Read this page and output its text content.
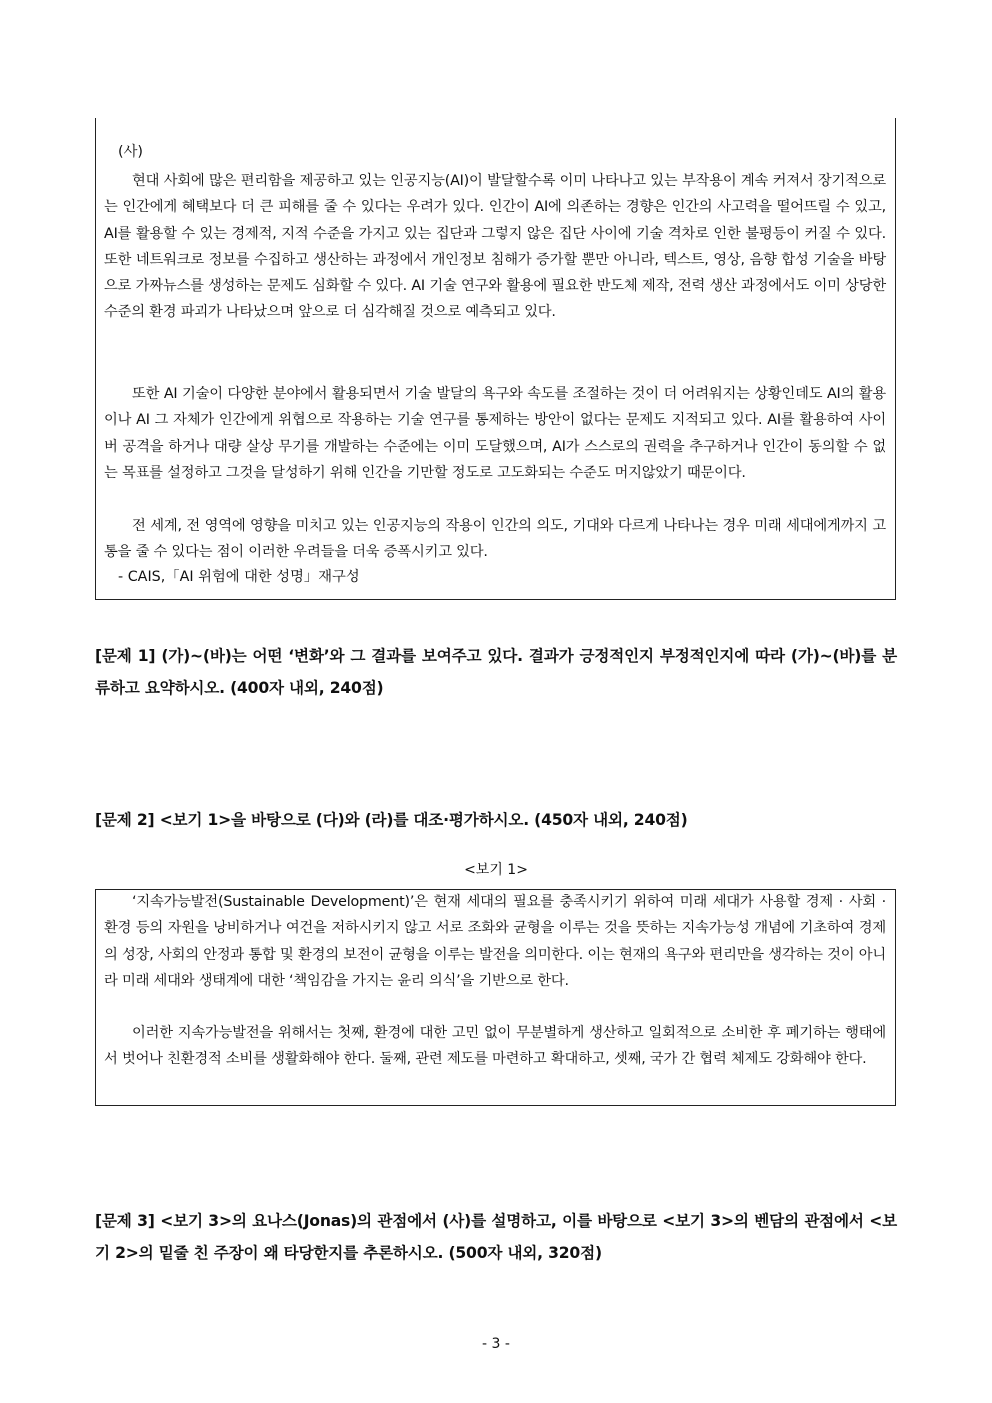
(사)

현대 사회에 많은 편리함을 제공하고 있는 인공지능(AI)이 발달할수록 이미 나타나고 있는 부작용이 계속 커져서 장기적으로는 인간에게 혜택보다 더 큰 피해를 줄 수 있다는 우려가 있다. 인간이 AI에 의존하는 경향은 인간의 사고력을 떨어뜨릴 수 있고, AI를 활용할 수 있는 경제적, 지적 수준을 가지고 있는 집단과 그렇지 않은 집단 사이에 기술 격차로 인한 불평등이 커질 수 있다. 또한 네트워크로 정보를 수집하고 생산하는 과정에서 개인정보 침해가 증가할 뿐만 아니라, 텍스트, 영상, 음향 합성 기술을 바탕으로 가짜뉴스를 생성하는 문제도 심화할 수 있다. AI 기술 연구와 활용에 필요한 반도체 제작, 전력 생산 과정에서도 이미 상당한 수준의 환경 파괴가 나타났으며 앞으로 더 심각해질 것으로 예측되고 있다.

또한 AI 기술이 다양한 분야에서 활용되면서 기술 발달의 욕구와 속도를 조절하는 것이 더 어려워지는 상황인데도 AI의 활용이나 AI 그 자체가 인간에게 위협으로 작용하는 기술 연구를 통제하는 방안이 없다는 문제도 지적되고 있다. AI를 활용하여 사이버 공격을 하거나 대량 살상 무기를 개발하는 수준에는 이미 도달했으며, AI가 스스로의 권력을 추구하거나 인간이 동의할 수 없는 목표를 설정하고 그것을 달성하기 위해 인간을 기만할 정도로 고도화되는 수준도 머지않았기 때문이다.

전 세계, 전 영역에 영향을 미치고 있는 인공지능의 작용이 인간의 의도, 기대와 다르게 나타나는 경우 미래 세대에게까지 고통을 줄 수 있다는 점이 이러한 우려들을 더욱 증폭시키고 있다.

- CAIS,「AI 위험에 대한 성명」재구성

[문제 1] (가)~(바)는 어떤 ‘변화’와 그 결과를 보여주고 있다. 결과가 긍정적인지 부정적인지에 따라 (가)~(바)를 분류하고 요약하시오. (400자 내외, 240점)

[문제 2] <보기 1>을 바탕으로 (다)와 (라)를 대조·평가하시오. (450자 내외, 240점)

<보기 1>

‘지속가능발전(Sustainable Development)’은 현재 세대의 필요를 충족시키기 위하여 미래 세대가 사용할 경제 · 사회 · 환경 등의 자원을 낭비하거나 여건을 저하시키지 않고 서로 조화와 균형을 이루는 것을 뜻하는 지속가능성 개념에 기초하여 경제의 성장, 사회의 안정과 통합 및 환경의 보전이 균형을 이루는 발전을 의미한다. 이는 현재의 욕구와 편리만을 생각하는 것이 아니라 미래 세대와 생태계에 대한 ‘책임감을 가지는 윤리 의식’을 기반으로 한다.

이러한 지속가능발전을 위해서는 첫째, 환경에 대한 고민 없이 무분별하게 생산하고 일회적으로 소비한 후 폐기하는 행태에서 벗어나 친환경적 소비를 생활화해야 한다. 둘째, 관련 제도를 마련하고 확대하고, 셋째, 국가 간 협력 체제도 강화해야 한다.

[문제 3] <보기 3>의 요나스(Jonas)의 관점에서 (사)를 설명하고, 이를 바탕으로 <보기 3>의 벤담의 관점에서 <보기 2>의 밑줄 친 주장이 왜 타당한지를 추론하시오. (500자 내외, 320점)

- 3 -
